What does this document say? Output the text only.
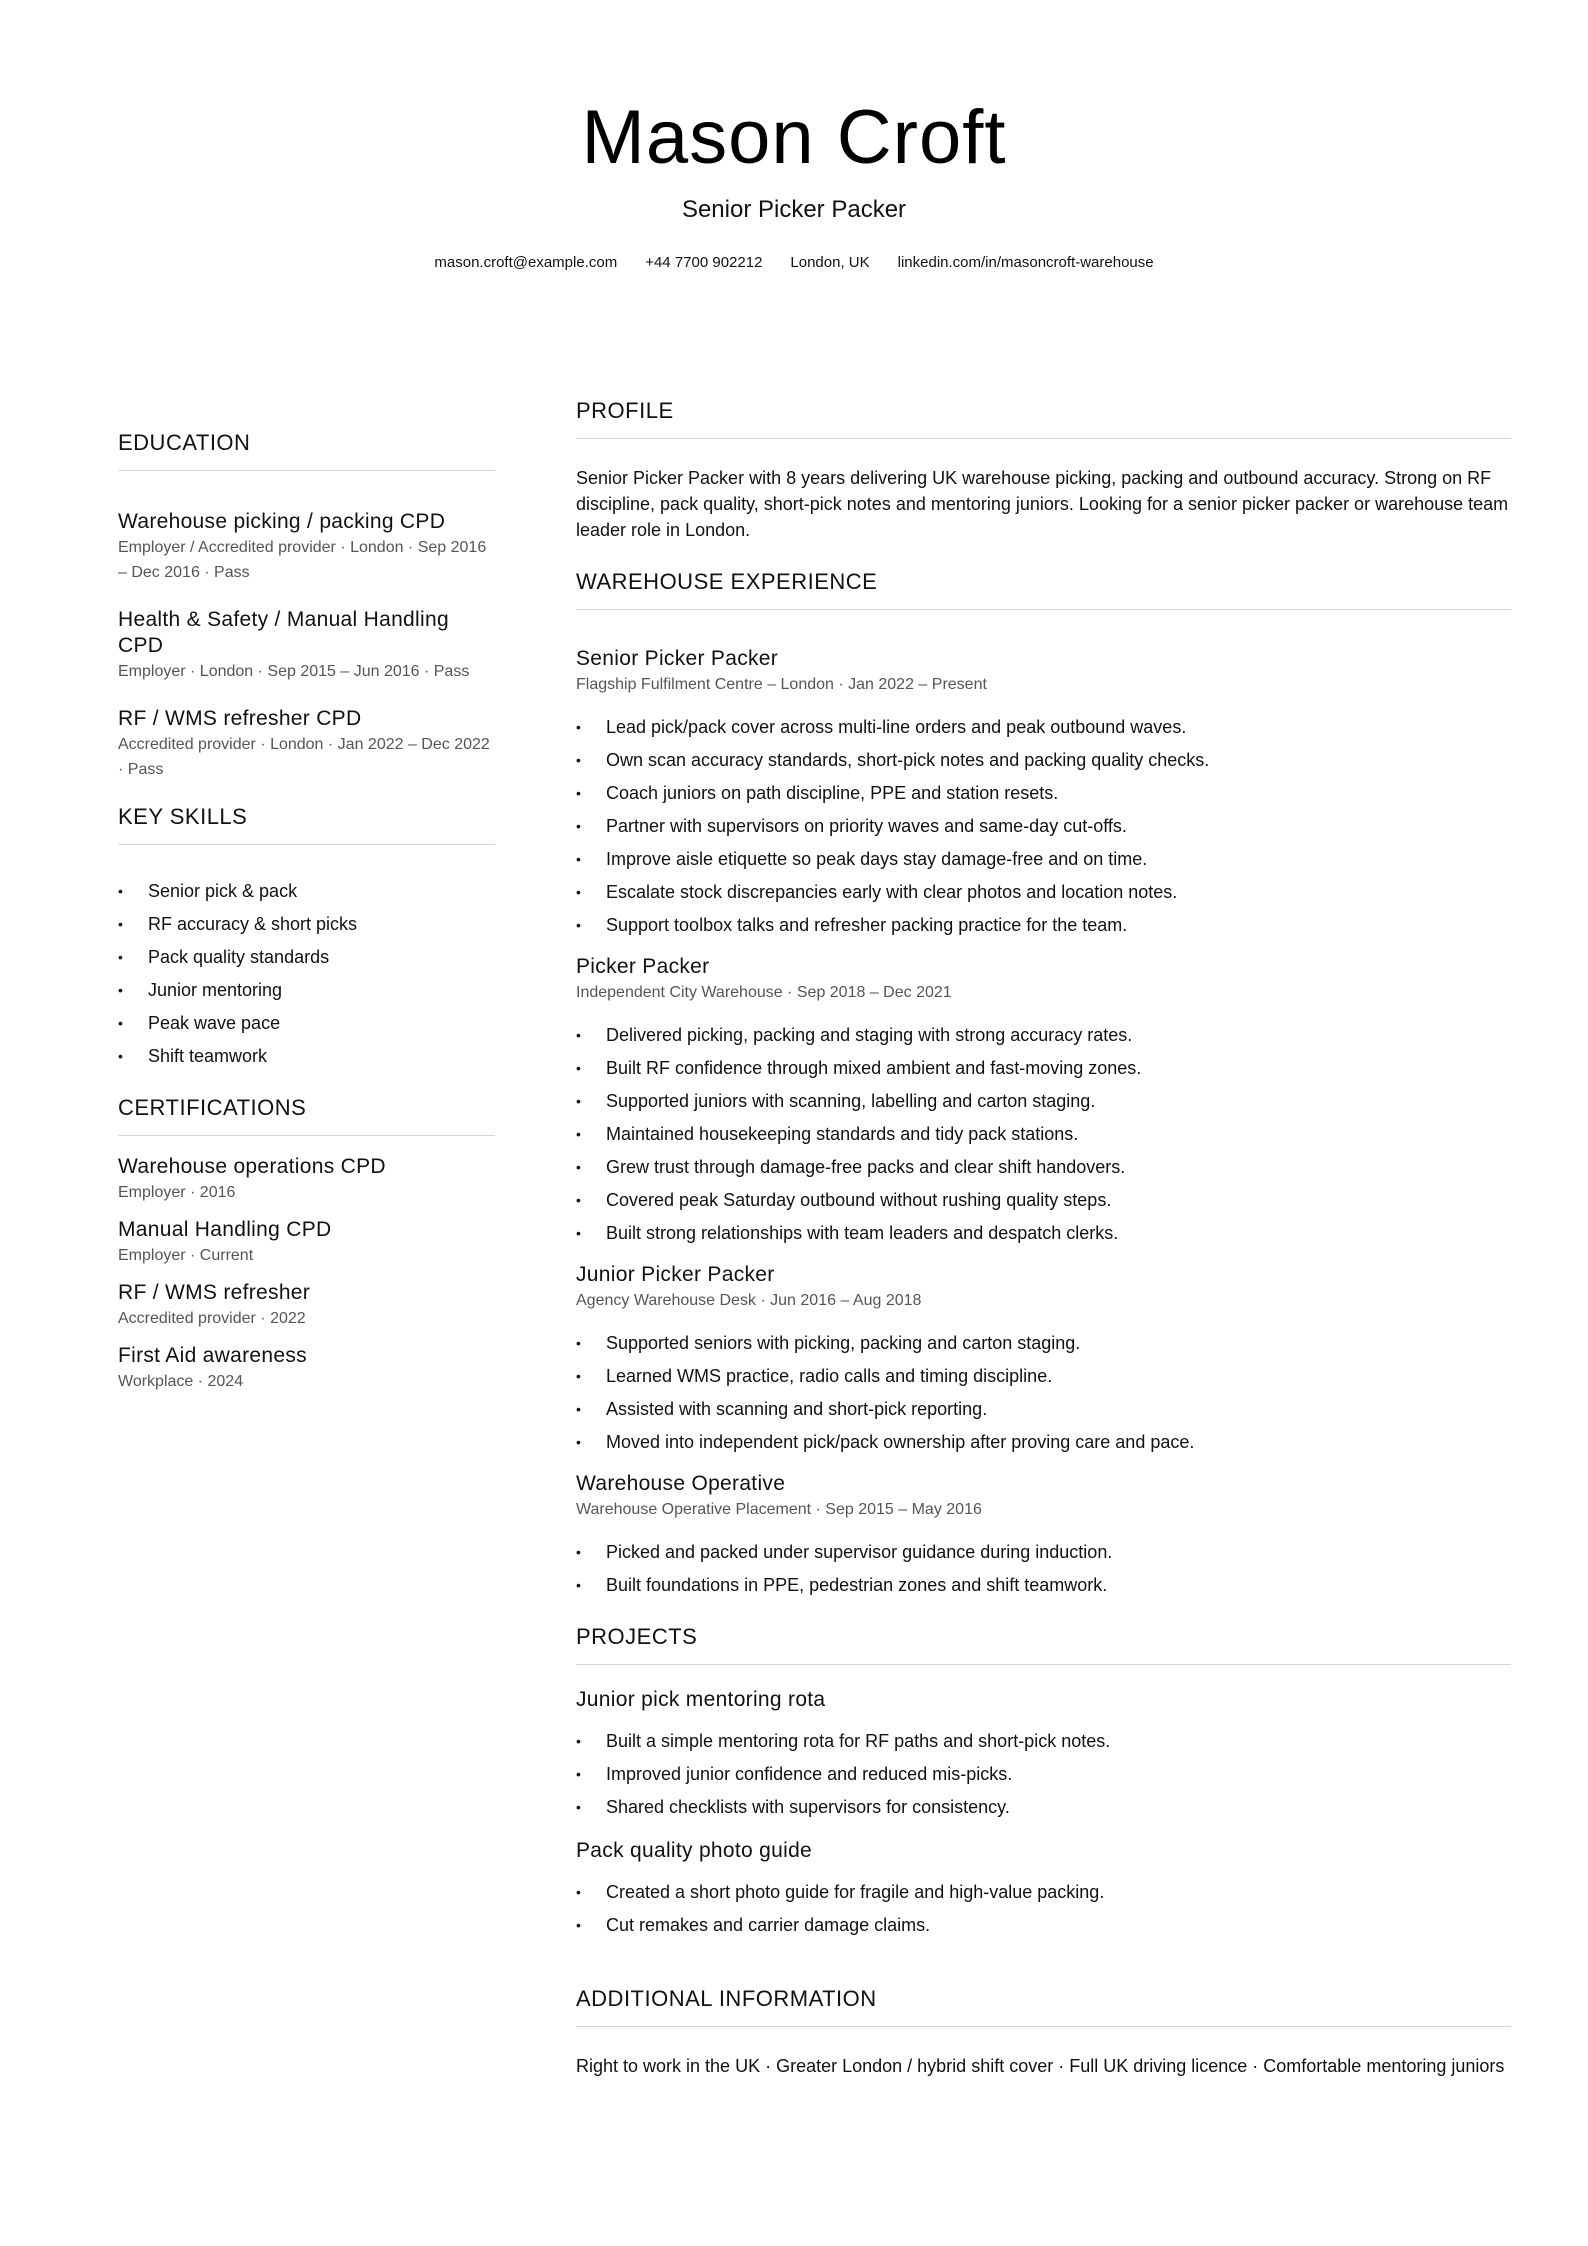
Mason Croft
Senior Picker Packer
mason.croft@example.com +44 7700 902212 London, UK linkedin.com/in/masoncroft-warehouse
EDUCATION
Warehouse picking / packing CPD
Employer / Accredited provider · London · Sep 2016 – Dec 2016 · Pass
Health & Safety / Manual Handling CPD
Employer · London · Sep 2015 – Jun 2016 · Pass
RF / WMS refresher CPD
Accredited provider · London · Jan 2022 – Dec 2022 · Pass
KEY SKILLS
• Senior pick & pack
• RF accuracy & short picks
• Pack quality standards
• Junior mentoring
• Peak wave pace
• Shift teamwork
CERTIFICATIONS
Warehouse operations CPD
Employer · 2016
Manual Handling CPD
Employer · Current
RF / WMS refresher
Accredited provider · 2022
First Aid awareness
Workplace · 2024
PROFILE
Senior Picker Packer with 8 years delivering UK warehouse picking, packing and outbound accuracy. Strong on RF discipline, pack quality, short-pick notes and mentoring juniors. Looking for a senior picker packer or warehouse team leader role in London.
WAREHOUSE EXPERIENCE
Senior Picker Packer
Flagship Fulfilment Centre – London · Jan 2022 – Present
• Lead pick/pack cover across multi-line orders and peak outbound waves.
• Own scan accuracy standards, short-pick notes and packing quality checks.
• Coach juniors on path discipline, PPE and station resets.
• Partner with supervisors on priority waves and same-day cut-offs.
• Improve aisle etiquette so peak days stay damage-free and on time.
• Escalate stock discrepancies early with clear photos and location notes.
• Support toolbox talks and refresher packing practice for the team.
Picker Packer
Independent City Warehouse · Sep 2018 – Dec 2021
• Delivered picking, packing and staging with strong accuracy rates.
• Built RF confidence through mixed ambient and fast-moving zones.
• Supported juniors with scanning, labelling and carton staging.
• Maintained housekeeping standards and tidy pack stations.
• Grew trust through damage-free packs and clear shift handovers.
• Covered peak Saturday outbound without rushing quality steps.
• Built strong relationships with team leaders and despatch clerks.
Junior Picker Packer
Agency Warehouse Desk · Jun 2016 – Aug 2018
• Supported seniors with picking, packing and carton staging.
• Learned WMS practice, radio calls and timing discipline.
• Assisted with scanning and short-pick reporting.
• Moved into independent pick/pack ownership after proving care and pace.
Warehouse Operative
Warehouse Operative Placement · Sep 2015 – May 2016
• Picked and packed under supervisor guidance during induction.
• Built foundations in PPE, pedestrian zones and shift teamwork.
PROJECTS
Junior pick mentoring rota
• Built a simple mentoring rota for RF paths and short-pick notes.
• Improved junior confidence and reduced mis-picks.
• Shared checklists with supervisors for consistency.
Pack quality photo guide
• Created a short photo guide for fragile and high-value packing.
• Cut remakes and carrier damage claims.
ADDITIONAL INFORMATION
Right to work in the UK · Greater London / hybrid shift cover · Full UK driving licence · Comfortable mentoring juniors
